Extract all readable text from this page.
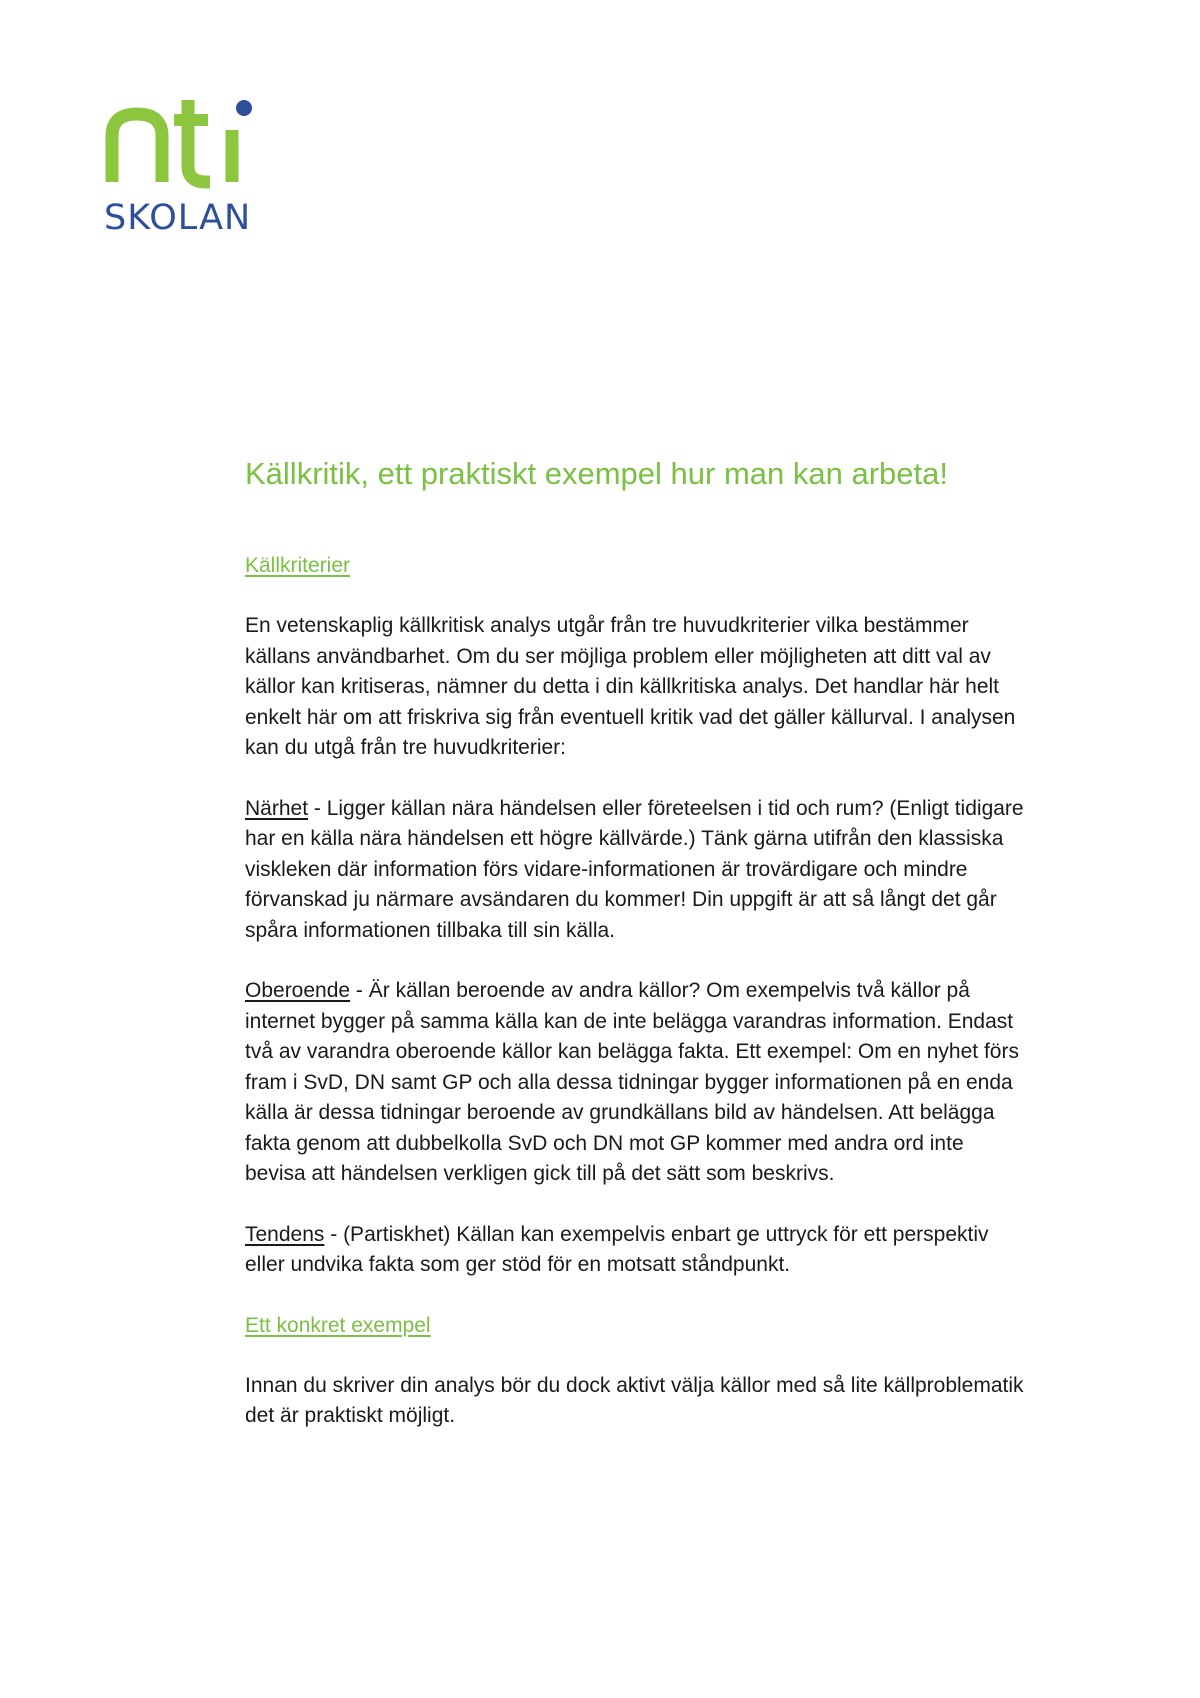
SKOLAN
Källkritik, ett praktiskt exempel hur man kan arbeta!
Källkriterier

En vetenskaplig källkritisk analys utgår från tre huvudkriterier vilka bestämmer källans användbarhet. Om du ser möjliga problem eller möjligheten att ditt val av källor kan kritiseras, nämner du detta i din källkritiska analys. Det handlar här helt enkelt här om att friskriva sig från eventuell kritik vad det gäller källurval. I analysen kan du utgå från tre huvudkriterier:

Närhet - Ligger källan nära händelsen eller företeelsen i tid och rum? (Enligt tidigare har en källa nära händelsen ett högre källvärde.) Tänk gärna utifrån den klassiska viskleken där information förs vidare-informationen är trovärdigare och mindre förvanskad ju närmare avsändaren du kommer! Din uppgift är att så långt det går spåra informationen tillbaka till sin källa.

Oberoende - Är källan beroende av andra källor? Om exempelvis två källor på internet bygger på samma källa kan de inte belägga varandras information. Endast två av varandra oberoende källor kan belägga fakta. Ett exempel: Om en nyhet förs fram i SvD, DN samt GP och alla dessa tidningar bygger informationen på en enda källa är dessa tidningar beroende av grundkällans bild av händelsen. Att belägga fakta genom att dubbelkolla SvD och DN mot GP kommer med andra ord inte bevisa att händelsen verkligen gick till på det sätt som beskrivs.

Tendens - (Partiskhet) Källan kan exempelvis enbart ge uttryck för ett perspektiv eller undvika fakta som ger stöd för en motsatt ståndpunkt.

Ett konkret exempel

Innan du skriver din analys bör du dock aktivt välja källor med så lite källproblematik det är praktiskt möjligt.
